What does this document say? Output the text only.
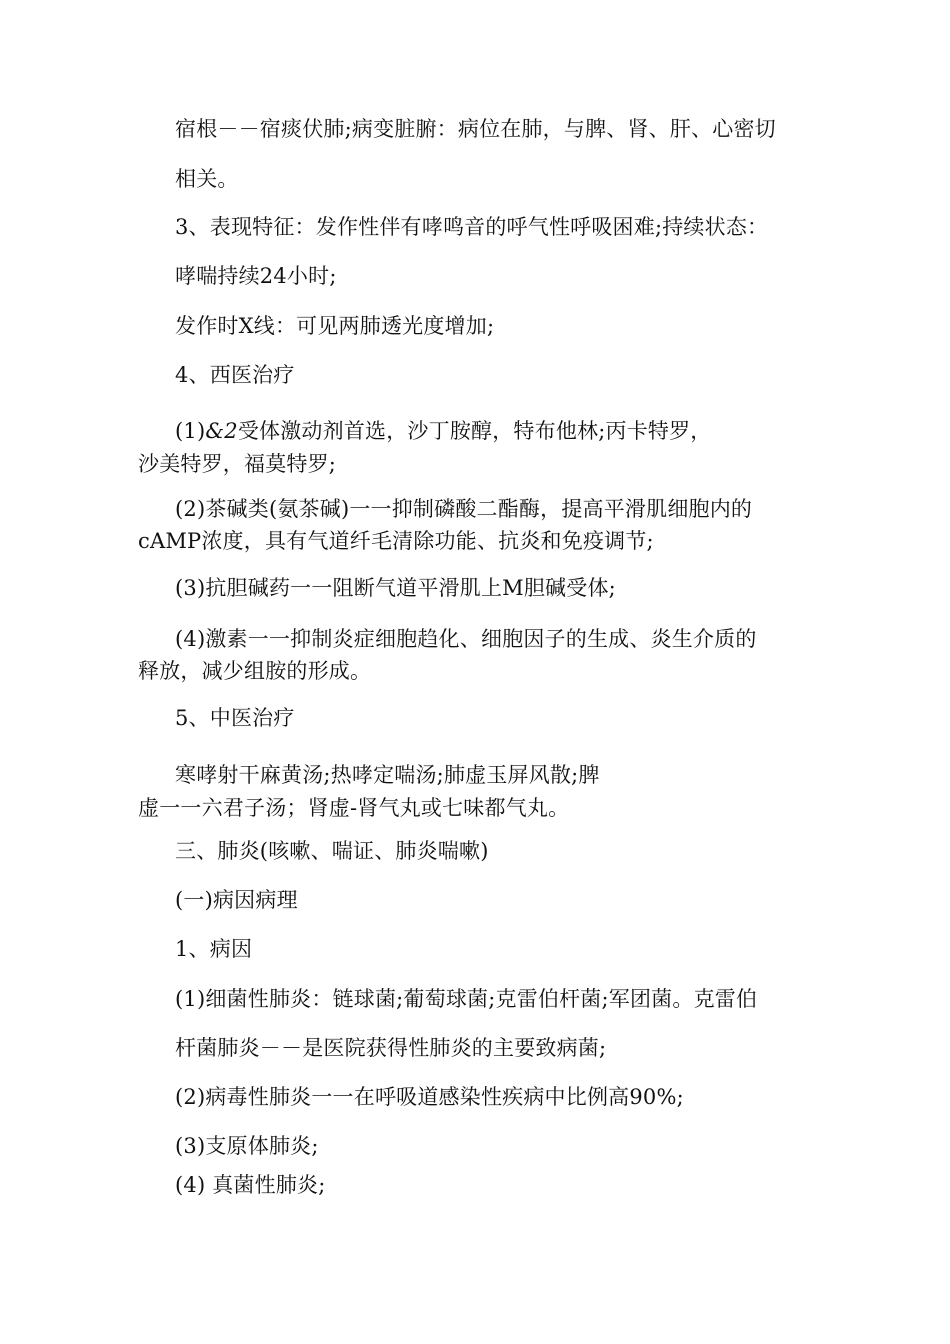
宿根－－宿痰伏肺;病变脏腑：病位在肺，与脾、肾、肝、心密切
相关。
3、表现特征：发作性伴有哮鸣音的呼气性呼吸困难;持续状态：
哮喘持续24小时;
发作时X线：可见两肺透光度增加;
4、西医治疗
(1)&2受体激动剂首选，沙丁胺醇，特布他林;丙卡特罗，
沙美特罗，福莫特罗;
(2)茶碱类(氨茶碱)一一抑制磷酸二酯酶，提高平滑肌细胞内的
cAMP浓度，具有气道纤毛清除功能、抗炎和免疫调节;
(3)抗胆碱药一一阻断气道平滑肌上M胆碱受体;
(4)激素一一抑制炎症细胞趋化、细胞因子的生成、炎生介质的
释放，减少组胺的形成。
5、中医治疗
寒哮射干麻黄汤;热哮定喘汤;肺虚玉屏风散;脾
虚一一六君子汤；肾虚-肾气丸或七味都气丸。
三、肺炎(咳嗽、喘证、肺炎喘嗽)
(一)病因病理
1、病因
(1)细菌性肺炎：链球菌;葡萄球菌;克雷伯杆菌;军团菌。克雷伯
杆菌肺炎－－是医院获得性肺炎的主要致病菌;
(2)病毒性肺炎一一在呼吸道感染性疾病中比例高90%;
(3)支原体肺炎;
(4) 真菌性肺炎;
